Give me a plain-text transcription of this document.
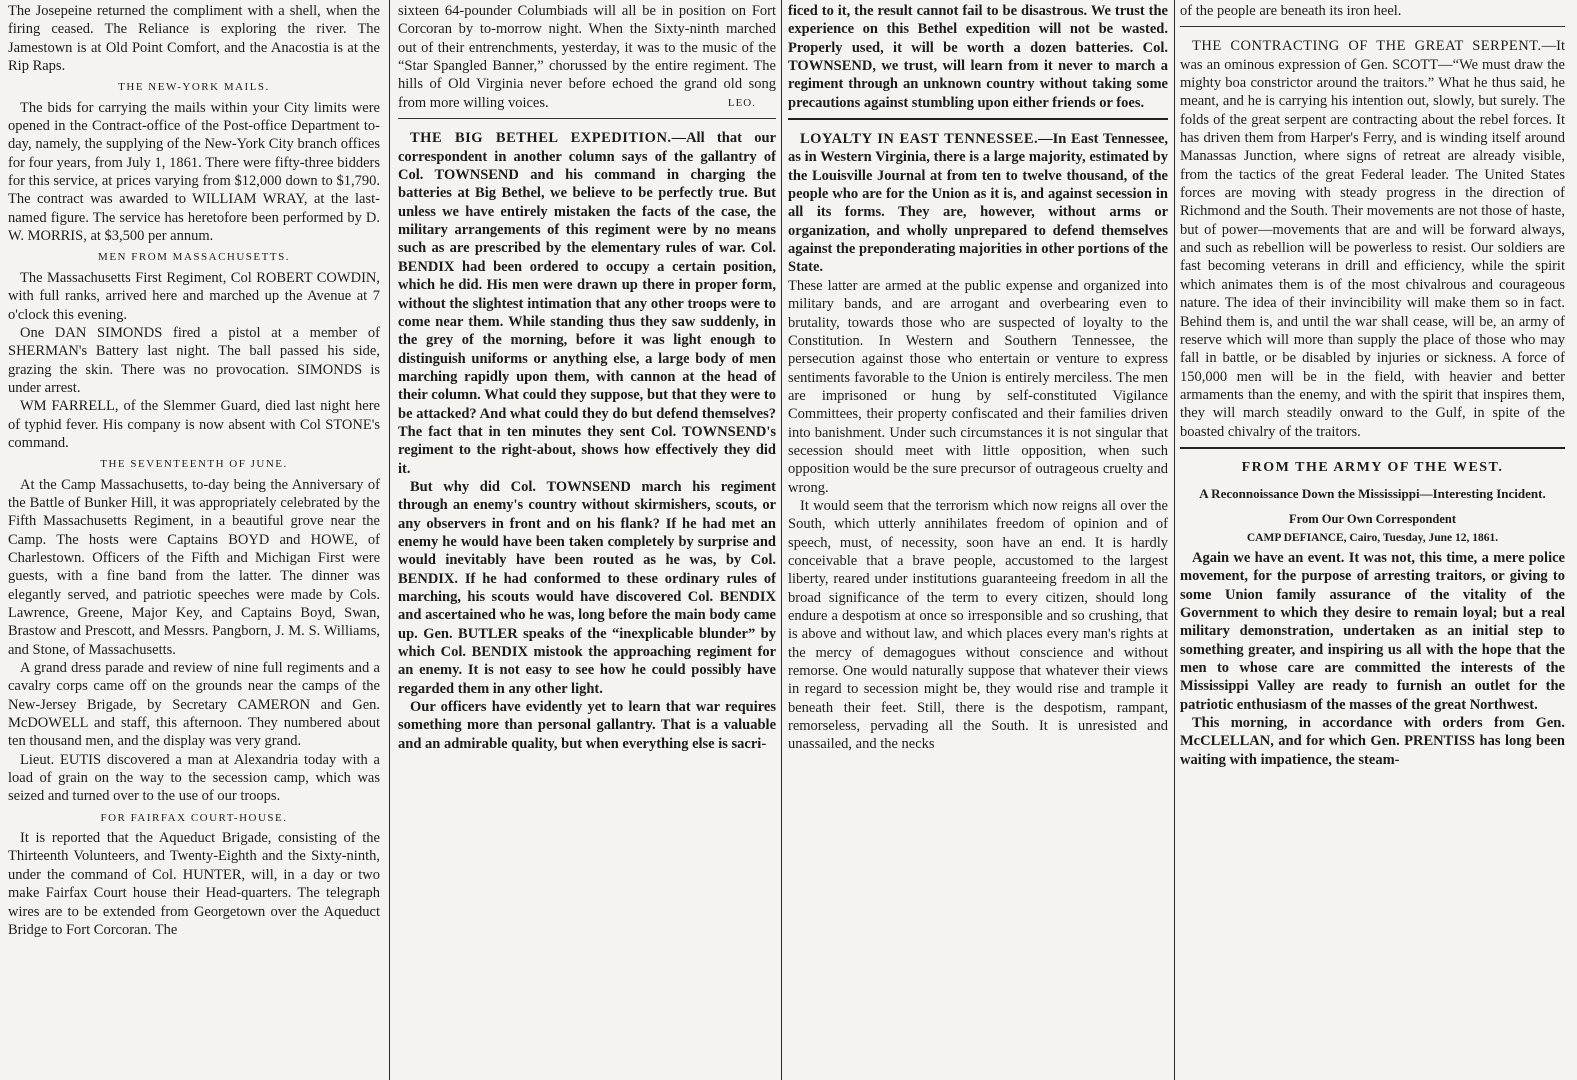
The Josepeine returned the compliment with a shell, when the firing ceased. The Reliance is exploring the river. The Jamestown is at Old Point Comfort, and the Anacostia is at the Rip Raps.

THE NEW-YORK MAILS.

The bids for carrying the mails within your City limits were opened in the Contract-office of the Post-office Department to-day, namely, the supplying of the New-York City branch offices for four years, from July 1, 1861. There were fifty-three bidders for this service, at prices varying from $12,000 down to $1,790. The contract was awarded to WILLIAM WRAY, at the last-named figure. The service has heretofore been performed by D. W. MORRIS, at $3,500 per annum.

MEN FROM MASSACHUSETTS.

The Massachusetts First Regiment, Col ROBERT COWDIN, with full ranks, arrived here and marched up the Avenue at 7 o'clock this evening.

One DAN SIMONDS fired a pistol at a member of SHERMAN's Battery last night. The ball passed his side, grazing the skin. There was no provocation. SIMONDS is under arrest.

WM FARRELL, of the Slemmer Guard, died last night here of typhid fever. His company is now absent with Col STONE's command.

THE SEVENTEENTH OF JUNE.

At the Camp Massachusetts, to-day being the Anniversary of the Battle of Bunker Hill, it was appropriately celebrated by the Fifth Massachusetts Regiment, in a beautiful grove near the Camp. The hosts were Captains BOYD and HOWE, of Charlestown. Officers of the Fifth and Michigan First were guests, with a fine band from the latter. The dinner was elegantly served, and patriotic speeches were made by Cols. Lawrence, Greene, Major Key, and Captains Boyd, Swan, Brastow and Prescott, and Messrs. Pangborn, J. M. S. Williams, and Stone, of Massachusetts.

A grand dress parade and review of nine full regiments and a cavalry corps came off on the grounds near the camps of the New-Jersey Brigade, by Secretary CAMERON and Gen. McDOWELL and staff, this afternoon. They numbered about ten thousand men, and the display was very grand.

Lieut. EUTIS discovered a man at Alexandria today with a load of grain on the way to the secession camp, which was seized and turned over to the use of our troops.

FOR FAIRFAX COURT-HOUSE.

It is reported that the Aqueduct Brigade, consisting of the Thirteenth Volunteers, and Twenty-Eighth and the Sixty-ninth, under the command of Col. HUNTER, will, in a day or two make Fairfax Court house their Head-quarters. The telegraph wires are to be extended from Georgetown over the Aqueduct Bridge to Fort Corcoran. The

sixteen 64-pounder Columbiads will all be in position on Fort Corcoran by to-morrow night. When the Sixty-ninth marched out of their entrenchments, yesterday, it was to the music of the “Star Spangled Banner,” chorussed by the entire regiment. The hills of Old Virginia never before echoed the grand old song from more willing voices.	LEO.

THE BIG BETHEL EXPEDITION.—All that our correspondent in another column says of the gallantry of Col. TOWNSEND and his command in charging the batteries at Big Bethel, we believe to be perfectly true. But unless we have entirely mistaken the facts of the case, the military arrangements of this regiment were by no means such as are prescribed by the elementary rules of war. Col. BENDIX had been ordered to occupy a certain position, which he did. His men were drawn up there in proper form, without the slightest intimation that any other troops were to come near them. While standing thus they saw suddenly, in the grey of the morning, before it was light enough to distinguish uniforms or anything else, a large body of men marching rapidly upon them, with cannon at the head of their column. What could they suppose, but that they were to be attacked? And what could they do but defend themselves? The fact that in ten minutes they sent Col. TOWNSEND's regiment to the right-about, shows how effectively they did it.

But why did Col. TOWNSEND march his regiment through an enemy's country without skirmishers, scouts, or any observers in front and on his flank? If he had met an enemy he would have been taken completely by surprise and would inevitably have been routed as he was, by Col. BENDIX. If he had conformed to these ordinary rules of marching, his scouts would have discovered Col. BENDIX and ascertained who he was, long before the main body came up. Gen. BUTLER speaks of the “inexplicable blunder” by which Col. BENDIX mistook the approaching regiment for an enemy. It is not easy to see how he could possibly have regarded them in any other light.

Our officers have evidently yet to learn that war requires something more than personal gallantry. That is a valuable and an admirable quality, but when everything else is sacri-

ficed to it, the result cannot fail to be disastrous. We trust the experience on this Bethel expedition will not be wasted. Properly used, it will be worth a dozen batteries. Col. TOWNSEND, we trust, will learn from it never to march a regiment through an unknown country without taking some precautions against stumbling upon either friends or foes.

LOYALTY IN EAST TENNESSEE.—In East Tennessee, as in Western Virginia, there is a large majority, estimated by the Louisville Journal at from ten to twelve thousand, of the people who are for the Union as it is, and against secession in all its forms. They are, however, without arms or organization, and wholly unprepared to defend themselves against the preponderating majorities in other portions of the State.

These latter are armed at the public expense and organized into military bands, and are arrogant and overbearing even to brutality, towards those who are suspected of loyalty to the Constitution. In Western and Southern Tennessee, the persecution against those who entertain or venture to express sentiments favorable to the Union is entirely merciless. The men are imprisoned or hung by self-constituted Vigilance Committees, their property confiscated and their families driven into banishment. Under such circumstances it is not singular that secession should meet with little opposition, when such opposition would be the sure precursor of outrageous cruelty and wrong.

It would seem that the terrorism which now reigns all over the South, which utterly annihilates freedom of opinion and of speech, must, of necessity, soon have an end. It is hardly conceivable that a brave people, accustomed to the largest liberty, reared under institutions guaranteeing freedom in all the broad significance of the term to every citizen, should long endure a despotism at once so irresponsible and so crushing, that is above and without law, and which places every man's rights at the mercy of demagogues without conscience and without remorse. One would naturally suppose that whatever their views in regard to secession might be, they would rise and trample it beneath their feet. Still, there is the despotism, rampant, remorseless, pervading all the South. It is unresisted and unassailed, and the necks

of the people are beneath its iron heel.

THE CONTRACTING OF THE GREAT SERPENT.—It was an ominous expression of Gen. SCOTT—“We must draw the mighty boa constrictor around the traitors.” What he thus said, he meant, and he is carrying his intention out, slowly, but surely. The folds of the great serpent are contracting about the rebel forces. It has driven them from Harper's Ferry, and is winding itself around Manassas Junction, where signs of retreat are already visible, from the tactics of the great Federal leader. The United States forces are moving with steady progress in the direction of Richmond and the South. Their movements are not those of haste, but of power—movements that are and will be forward always, and such as rebellion will be powerless to resist. Our soldiers are fast becoming veterans in drill and efficiency, while the spirit which animates them is of the most chivalrous and courageous nature. The idea of their invincibility will make them so in fact. Behind them is, and until the war shall cease, will be, an army of reserve which will more than supply the place of those who may fall in battle, or be disabled by injuries or sickness. A force of 150,000 men will be in the field, with heavier and better armaments than the enemy, and with the spirit that inspires them, they will march steadily onward to the Gulf, in spite of the boasted chivalry of the traitors.

FROM THE ARMY OF THE WEST.
A Reconnoissance Down the Mississippi—Interesting Incident.
From Our Own Correspondent
CAMP DEFIANCE, Cairo, Tuesday, June 12, 1861.

Again we have an event. It was not, this time, a mere police movement, for the purpose of arresting traitors, or giving to some Union family assurance of the vitality of the Government to which they desire to remain loyal; but a real military demonstration, undertaken as an initial step to something greater, and inspiring us all with the hope that the men to whose care are committed the interests of the Mississippi Valley are ready to furnish an outlet for the patriotic enthusiasm of the masses of the great Northwest.

This morning, in accordance with orders from Gen. McCLELLAN, and for which Gen. PRENTISS has long been waiting with impatience, the steam-
